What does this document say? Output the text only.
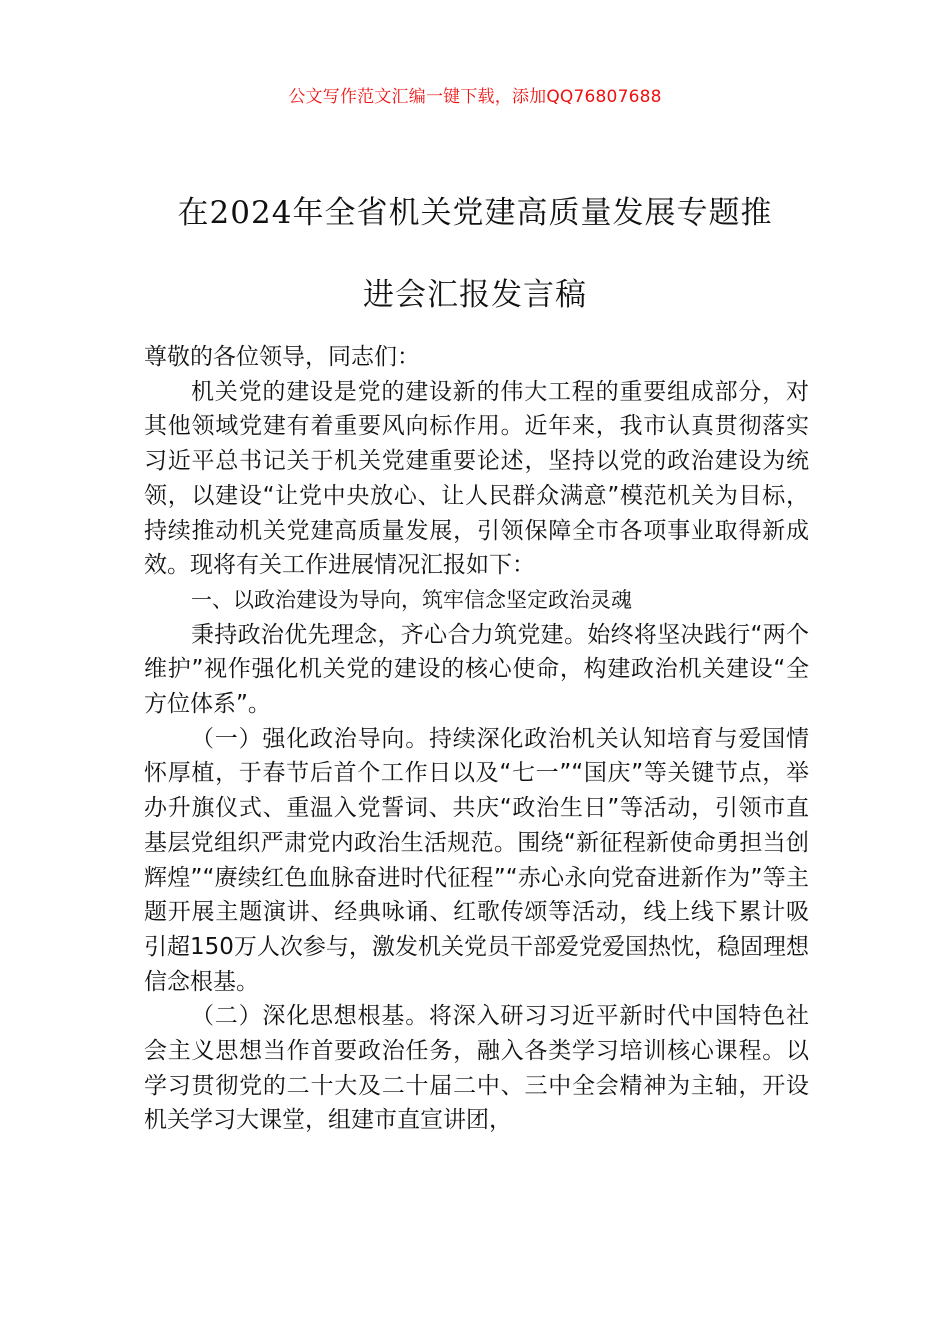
公文写作范文汇编一键下载，添加QQ76807688
在2024年全省机关党建高质量发展专题推
进会汇报发言稿

尊敬的各位领导，同志们：

机关党的建设是党的建设新的伟大工程的重要组成部分，对其他领域党建有着重要风向标作用。近年来，我市认真贯彻落实习近平总书记关于机关党建重要论述，坚持以党的政治建设为统领，以建设“让党中央放心、让人民群众满意”模范机关为目标，持续推动机关党建高质量发展，引领保障全市各项事业取得新成效。现将有关工作进展情况汇报如下：

一、以政治建设为导向，筑牢信念坚定政治灵魂

秉持政治优先理念，齐心合力筑党建。始终将坚决践行“两个维护”视作强化机关党的建设的核心使命，构建政治机关建设“全方位体系”。

（一）强化政治导向。持续深化政治机关认知培育与爱国情怀厚植，于春节后首个工作日以及“七一”“国庆”等关键节点，举办升旗仪式、重温入党誓词、共庆“政治生日”等活动，引领市直基层党组织严肃党内政治生活规范。围绕“新征程新使命勇担当创辉煌”“赓续红色血脉奋进时代征程”“赤心永向党奋进新作为”等主题开展主题演讲、经典咏诵、红歌传颂等活动，线上线下累计吸引超150万人次参与，激发机关党员干部爱党爱国热忱，稳固理想信念根基。

（二）深化思想根基。将深入研习习近平新时代中国特色社会主义思想当作首要政治任务，融入各类学习培训核心课程。以学习贯彻党的二十大及二十届二中、三中全会精神为主轴，开设机关学习大课堂，组建市直宣讲团，
